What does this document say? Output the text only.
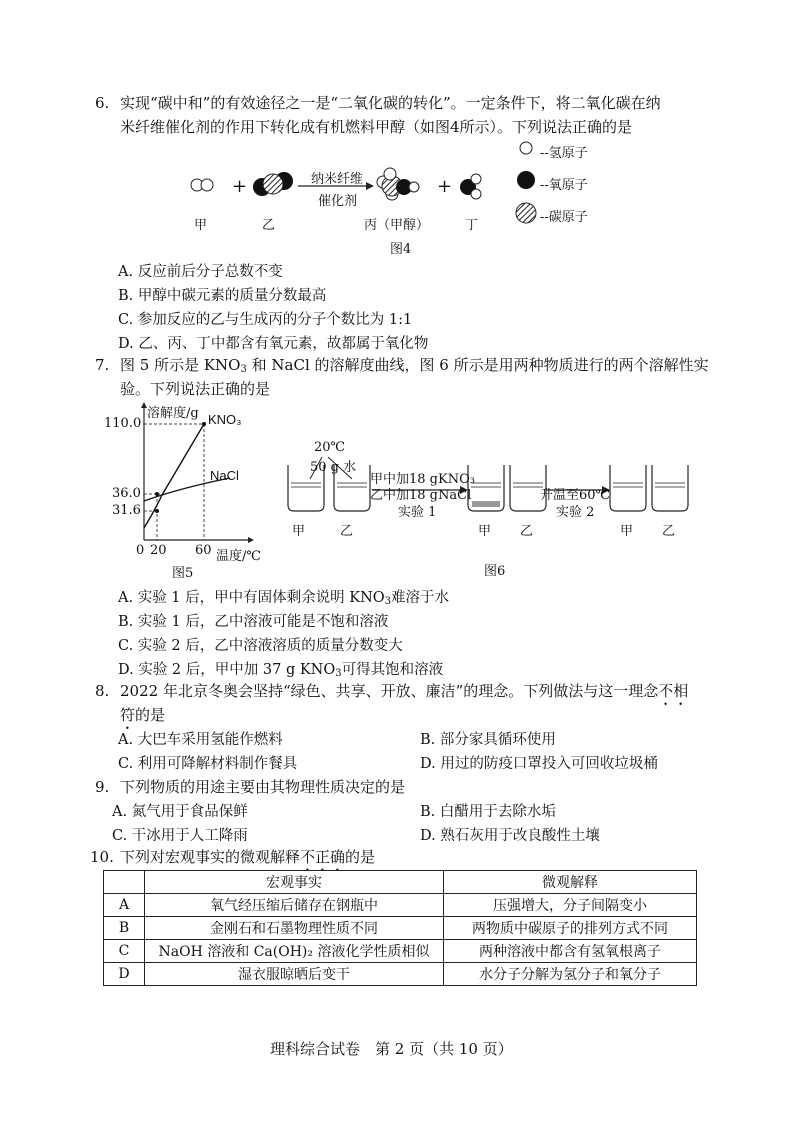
6. 实现“碳中和”的有效途径之一是“二氧化碳的转化”。一定条件下，将二氧化碳在纳
米纤维催化剂的作用下转化成有机燃料甲醇（如图4所示）。下列说法正确的是
+	+
纳米纤维
催化剂
甲	乙	丙（甲醇）	丁
图4
--氢原子
--氧原子
--碳原子
A. 反应前后分子总数不变
B. 甲醇中碳元素的质量分数最高
C. 参加反应的乙与生成丙的分子个数比为 1:1
D. 乙、丙、丁中都含有氧元素，故都属于氧化物
7. 图 5 所示是 $KNO_3$ 和 NaCl 的溶解度曲线，图 6 所示是用两种物质进行的两个溶解性实
验。下列说法正确的是
溶解度/g KNO₃
NaCl
110.0
36.0
31.6
0 20 60 温度/℃
图5
20℃
50 g 水
甲中加18 gKNO₃
乙中加18 gNaCl
实验 1
升温至60℃
实验 2
甲	乙	甲 乙	甲 乙
图6
A. 实验 1 后，甲中有固体剩余说明 $KNO_3$难溶于水
B. 实验 1 后，乙中溶液可能是不饱和溶液
C. 实验 2 后，乙中溶液溶质的质量分数变大
D. 实验 2 后，甲中加 37 g $KNO_3$可得其饱和溶液
8. 2022 年北京冬奥会坚持“绿色、共享、开放、廉洁”的理念。下列做法与这一理念不相
符的是
A. 大巴车采用氢能作燃料	B. 部分家具循环使用
C. 利用可降解材料制作餐具	D. 用过的防疫口罩投入可回收垃圾桶
9. 下列物质的用途主要由其物理性质决定的是
A. 氮气用于食品保鲜	B. 白醋用于去除水垢
C. 干冰用于人工降雨	D. 熟石灰用于改良酸性土壤
10. 下列对宏观事实的微观解释不正确的是
	宏观事实	微观解释
A	氧气经压缩后储存在钢瓶中	压强增大，分子间隔变小
B	金刚石和石墨物理性质不同	两物质中碳原子的排列方式不同
C	NaOH 溶液和 Ca(OH)₂ 溶液化学性质相似	两种溶液中都含有氢氧根离子
D	湿衣服晾晒后变干	水分子分解为氢分子和氧分子
理科综合试卷　第 2 页（共 10 页）
